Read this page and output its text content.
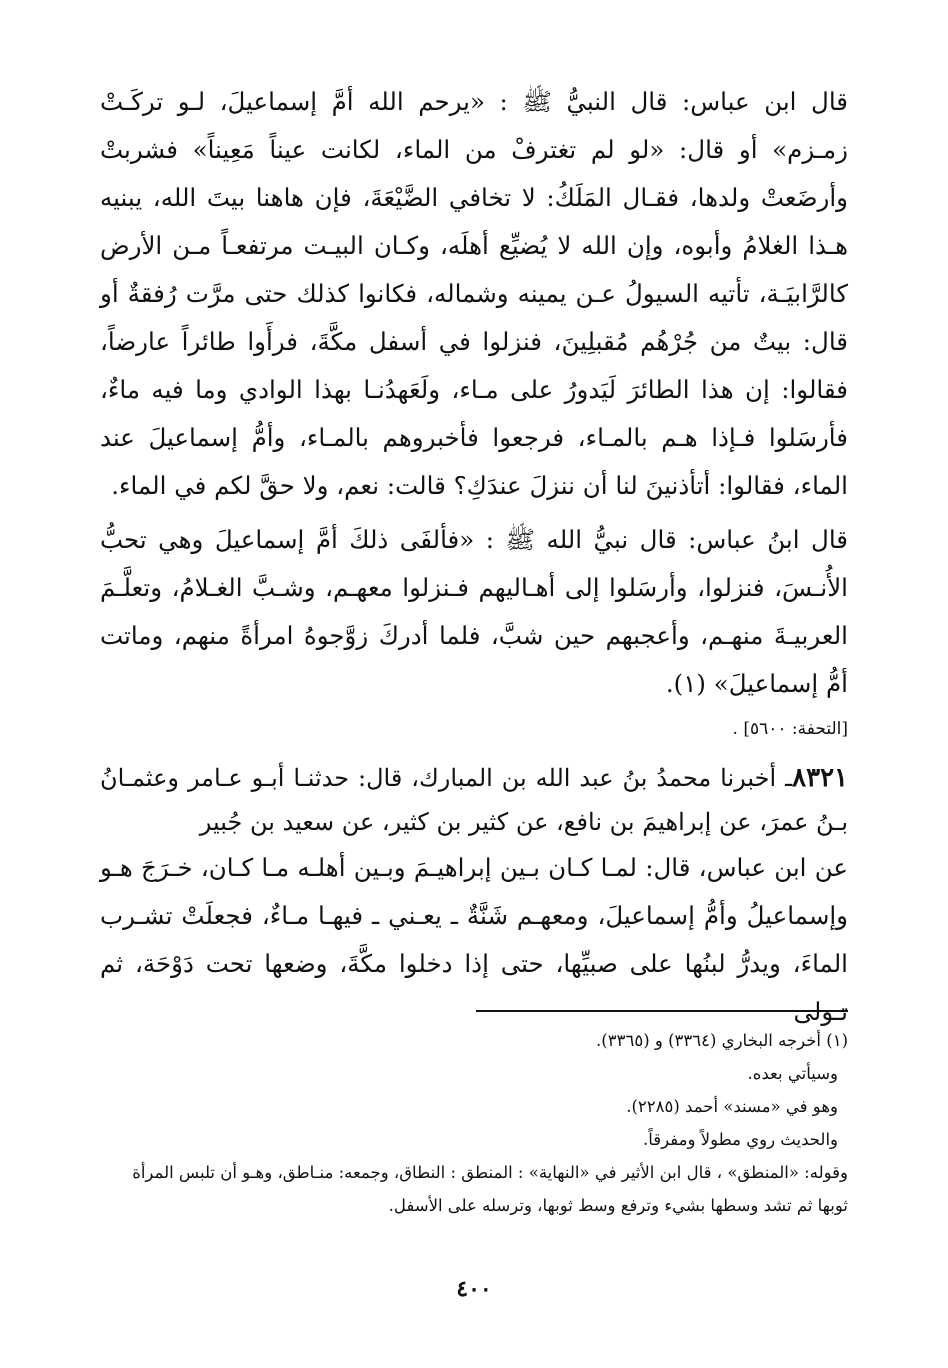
قال ابن عباس: قال النبيُّ ﷺ : «يرحم الله أمَّ إسماعيلَ، لـو تركَـتْ زمـزم» أو قال: «لو لم تغترفْ من الماء، لكانت عيناً مَعِيناً» فشربتْ وأرضَعتْ ولدها، فقـال المَلَكُ: لا تخافي الضَّيْعَةَ، فإن هاهنا بيتَ الله، يبنيه هـذا الغلامُ وأبوه، وإن الله لا يُضيِّع أهلَه، وكـان البيـت مرتفعـاً مـن الأرض كالرَّابيَـة، تأتيه السيولُ عـن يمينه وشماله، فكانوا كذلك حتى مرَّت رُفقةٌ أو قال: بيتٌ من جُرْهُم مُقبلِينَ، فنزلوا في أسفل مكَّةَ، فرأَوا طائراً عارضاً، فقالوا: إن هذا الطائرَ لَيَدورُ على مـاء، ولَعَهدُنـا بهذا الوادي وما فيه ماءٌ، فأرسَلوا فـإذا هـم بالمـاء، فرجعوا فأخبروهم بالمـاء، وأمُّ إسماعيلَ عند الماء، فقالوا: أتأذنينَ لنا أن ننزلَ عندَكِ؟ قالت: نعم، ولا حقَّ لكم في الماء.

قال ابنُ عباس: قال نبيُّ الله ﷺ : «فألفَى ذلكَ أمَّ إسماعيلَ وهي تحبُّ الأُنـسَ، فنزلوا، وأرسَلوا إلى أهـاليهم فـنزلوا معهـم، وشـبَّ الغـلامُ، وتعلَّـمَ العربيـةَ منهـم، وأعجبهم حين شبَّ، فلما أدركَ زوَّجوهُ امرأةً منهم، وماتت أمُّ إسماعيلَ» (١).

[التحفة: ٥٦٠٠] .

٨٣٢١ـ أخبرنا محمدُ بنُ عبد الله بن المبارك، قال: حدثنـا أبـو عـامر وعثمـانُ بـنُ عمرَ، عن إبراهيمَ بن نافع، عن كثير بن كثير، عن سعيد بن جُبير

عن ابن عباس، قال: لمـا كـان بـين إبراهيـمَ وبـين أهلـه مـا كـان، خـرَجَ هـو وإسماعيلُ وأمُّ إسماعيلَ، ومعهـم شَنَّةٌ ـ يعـني ـ فيهـا مـاءٌ، فجعلَتْ تشـرب الماءَ، ويدرُّ لبنُها على صبيِّها، حتى إذا دخلوا مكَّةَ، وضعها تحت دَوْحَة، ثم تـولى

(١) أخرجه البخاري (٣٣٦٤) و (٣٣٦٥).

وسيأتي بعده.

وهو في «مسند» أحمد (٢٢٨٥).

والحديث روي مطولاً ومفرقاً.

وقوله: «المنطق» ، قال ابن الأثير في «النهاية» : المنطق : النطاق، وجمعه: منـاطق، وهـو أن تلبس المرأة ثوبها ثم تشد وسطها بشيء وترفع وسط ثوبها، وترسله على الأسفل.

٤٠٠
